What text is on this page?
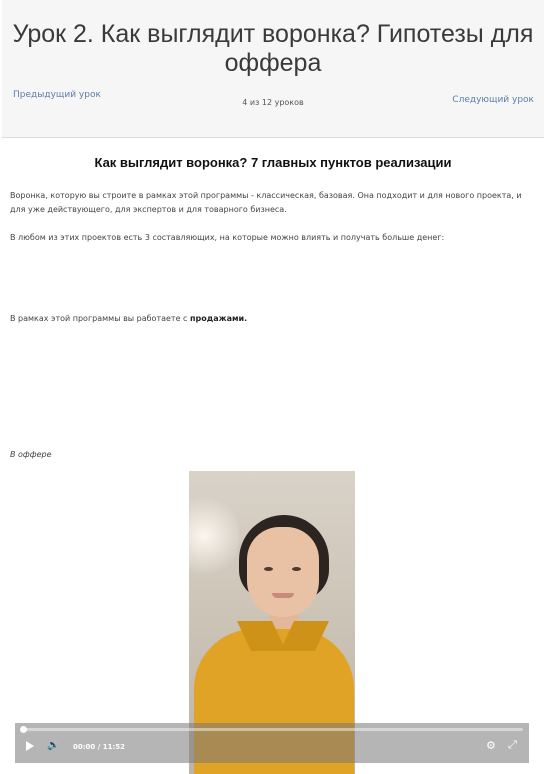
Урок 2. Как выглядит воронка? Гипотезы для оффера
Предыдущий урок
4 из 12 уроков	Следующий урок
Как выглядит воронка? 7 главных пунктов реализации

Воронка, которую вы строите в рамках этой программы - классическая, базовая. Она подходит и для нового проекта, и для уже действующего, для экспертов и для товарного бизнеса.

В любом из этих проектов есть 3 составляющих, на которые можно влиять и получать больше денег:

В рамках этой программы вы работаете с продажами.

В оффере

🔊 00:00 / 11:52	⚙ ⤢
